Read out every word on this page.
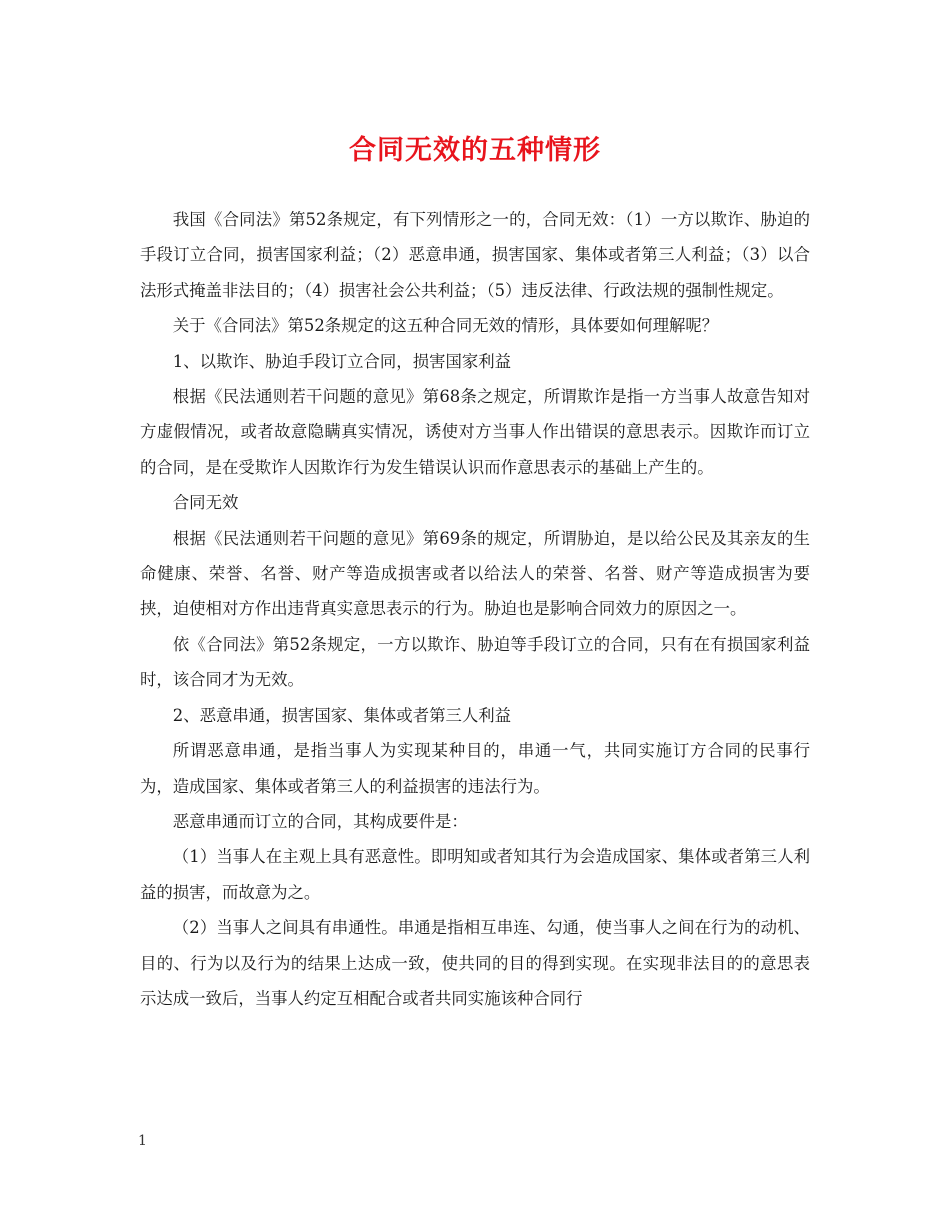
合同无效的五种情形

我国《合同法》第52条规定，有下列情形之一的，合同无效：（1）一方以欺诈、胁迫的手段订立合同，损害国家利益；（2）恶意串通，损害国家、集体或者第三人利益；（3）以合法形式掩盖非法目的；（4）损害社会公共利益；（5）违反法律、行政法规的强制性规定。

关于《合同法》第52条规定的这五种合同无效的情形，具体要如何理解呢？

1、以欺诈、胁迫手段订立合同，损害国家利益

根据《民法通则若干问题的意见》第68条之规定，所谓欺诈是指一方当事人故意告知对方虚假情况，或者故意隐瞒真实情况，诱使对方当事人作出错误的意思表示。因欺诈而订立的合同，是在受欺诈人因欺诈行为发生错误认识而作意思表示的基础上产生的。

合同无效

根据《民法通则若干问题的意见》第69条的规定，所谓胁迫，是以给公民及其亲友的生命健康、荣誉、名誉、财产等造成损害或者以给法人的荣誉、名誉、财产等造成损害为要挟，迫使相对方作出违背真实意思表示的行为。胁迫也是影响合同效力的原因之一。

依《合同法》第52条规定，一方以欺诈、胁迫等手段订立的合同，只有在有损国家利益时，该合同才为无效。

2、恶意串通，损害国家、集体或者第三人利益

所谓恶意串通，是指当事人为实现某种目的，串通一气，共同实施订方合同的民事行为，造成国家、集体或者第三人的利益损害的违法行为。

恶意串通而订立的合同，其构成要件是：

（1）当事人在主观上具有恶意性。即明知或者知其行为会造成国家、集体或者第三人利益的损害，而故意为之。

（2）当事人之间具有串通性。串通是指相互串连、勾通，使当事人之间在行为的动机、目的、行为以及行为的结果上达成一致，使共同的目的得到实现。在实现非法目的的意思表示达成一致后，当事人约定互相配合或者共同实施该种合同行

1
